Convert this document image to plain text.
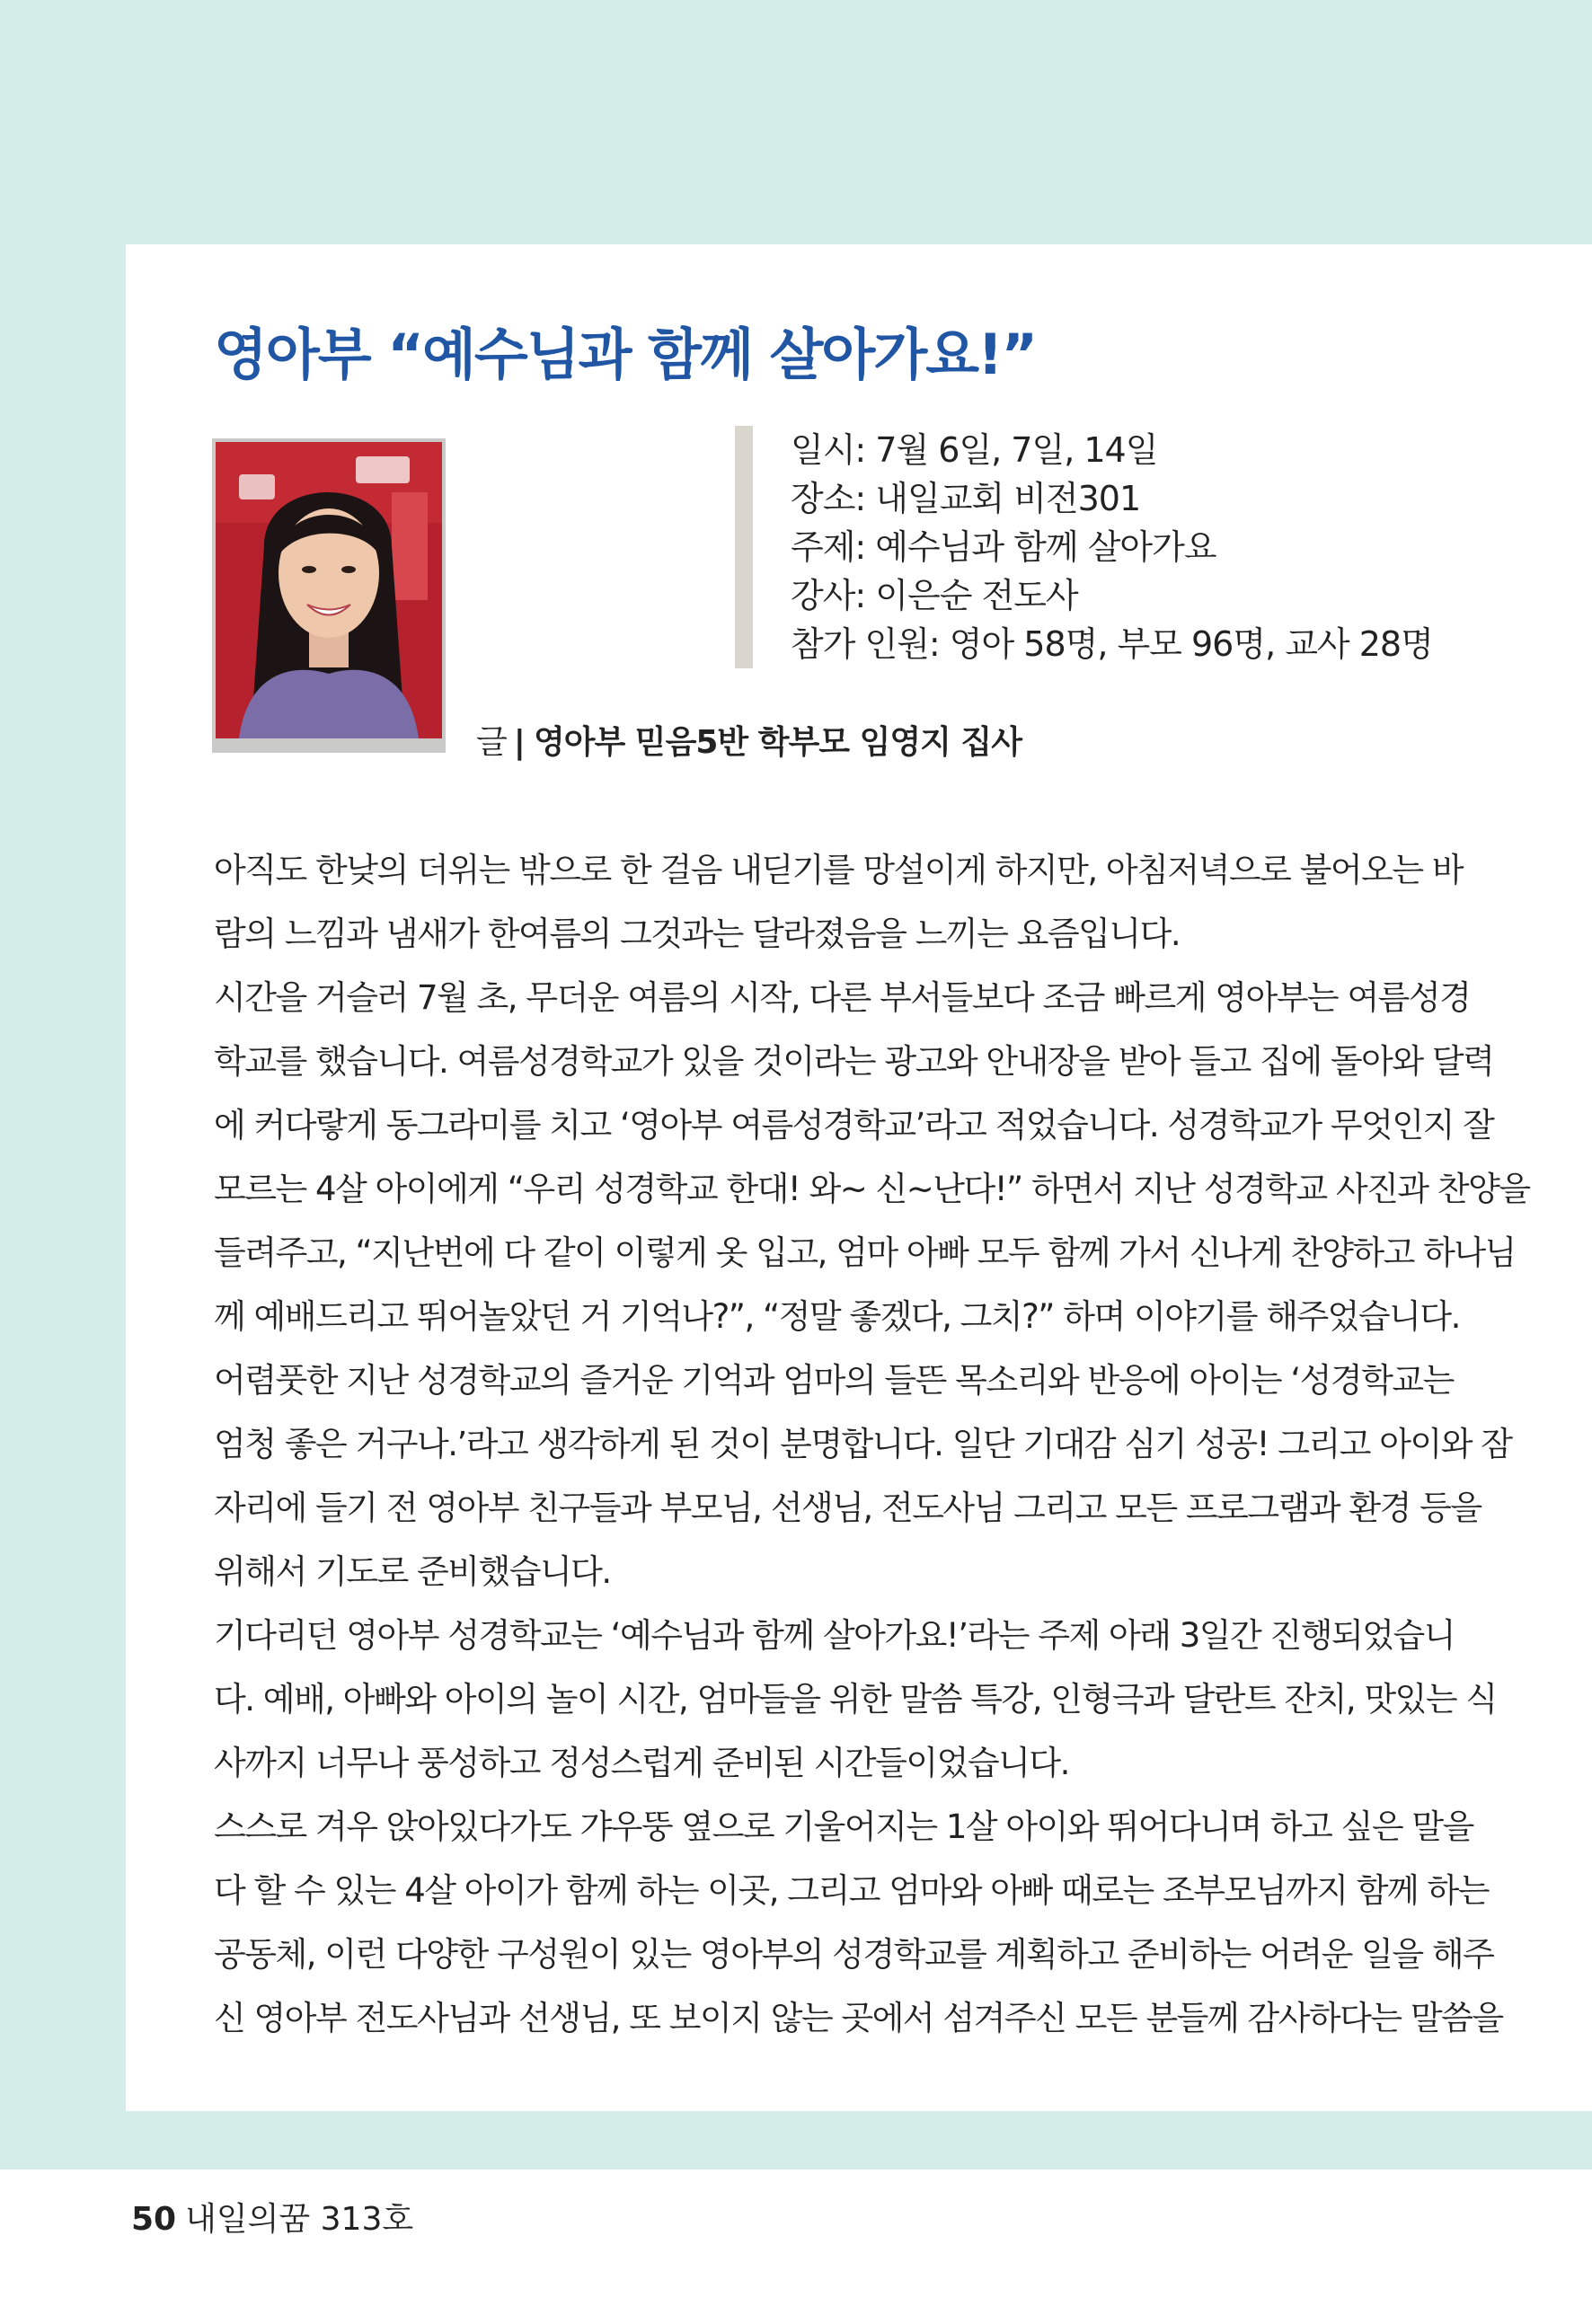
영아부 “예수님과 함께 살아가요!”
일시: 7월 6일, 7일, 14일
장소: 내일교회 비전301
주제: 예수님과 함께 살아가요
강사: 이은순 전도사
참가 인원: 영아 58명, 부모 96명, 교사 28명
글 | 영아부 믿음5반 학부모 임영지 집사
아직도 한낮의 더위는 밖으로 한 걸음 내딛기를 망설이게 하지만, 아침저녁으로 불어오는 바
람의 느낌과 냄새가 한여름의 그것과는 달라졌음을 느끼는 요즘입니다.
시간을 거슬러 7월 초, 무더운 여름의 시작, 다른 부서들보다 조금 빠르게 영아부는 여름성경
학교를 했습니다. 여름성경학교가 있을 것이라는 광고와 안내장을 받아 들고 집에 돌아와 달력
에 커다랗게 동그라미를 치고 ‘영아부 여름성경학교’라고 적었습니다. 성경학교가 무엇인지 잘
모르는 4살 아이에게 “우리 성경학교 한대! 와~ 신~난다!” 하면서 지난 성경학교 사진과 찬양을
들려주고, “지난번에 다 같이 이렇게 옷 입고, 엄마 아빠 모두 함께 가서 신나게 찬양하고 하나님
께 예배드리고 뛰어놀았던 거 기억나?”, “정말 좋겠다, 그치?” 하며 이야기를 해주었습니다.
어렴풋한 지난 성경학교의 즐거운 기억과 엄마의 들뜬 목소리와 반응에 아이는 ‘성경학교는
엄청 좋은 거구나.’라고 생각하게 된 것이 분명합니다. 일단 기대감 심기 성공! 그리고 아이와 잠
자리에 들기 전 영아부 친구들과 부모님, 선생님, 전도사님 그리고 모든 프로그램과 환경 등을
위해서 기도로 준비했습니다.
기다리던 영아부 성경학교는 ‘예수님과 함께 살아가요!’라는 주제 아래 3일간 진행되었습니
다. 예배, 아빠와 아이의 놀이 시간, 엄마들을 위한 말씀 특강, 인형극과 달란트 잔치, 맛있는 식
사까지 너무나 풍성하고 정성스럽게 준비된 시간들이었습니다.
스스로 겨우 앉아있다가도 갸우뚱 옆으로 기울어지는 1살 아이와 뛰어다니며 하고 싶은 말을
다 할 수 있는 4살 아이가 함께 하는 이곳, 그리고 엄마와 아빠 때로는 조부모님까지 함께 하는
공동체, 이런 다양한 구성원이 있는 영아부의 성경학교를 계획하고 준비하는 어려운 일을 해주
신 영아부 전도사님과 선생님, 또 보이지 않는 곳에서 섬겨주신 모든 분들께 감사하다는 말씀을
50 내일의꿈 313호
